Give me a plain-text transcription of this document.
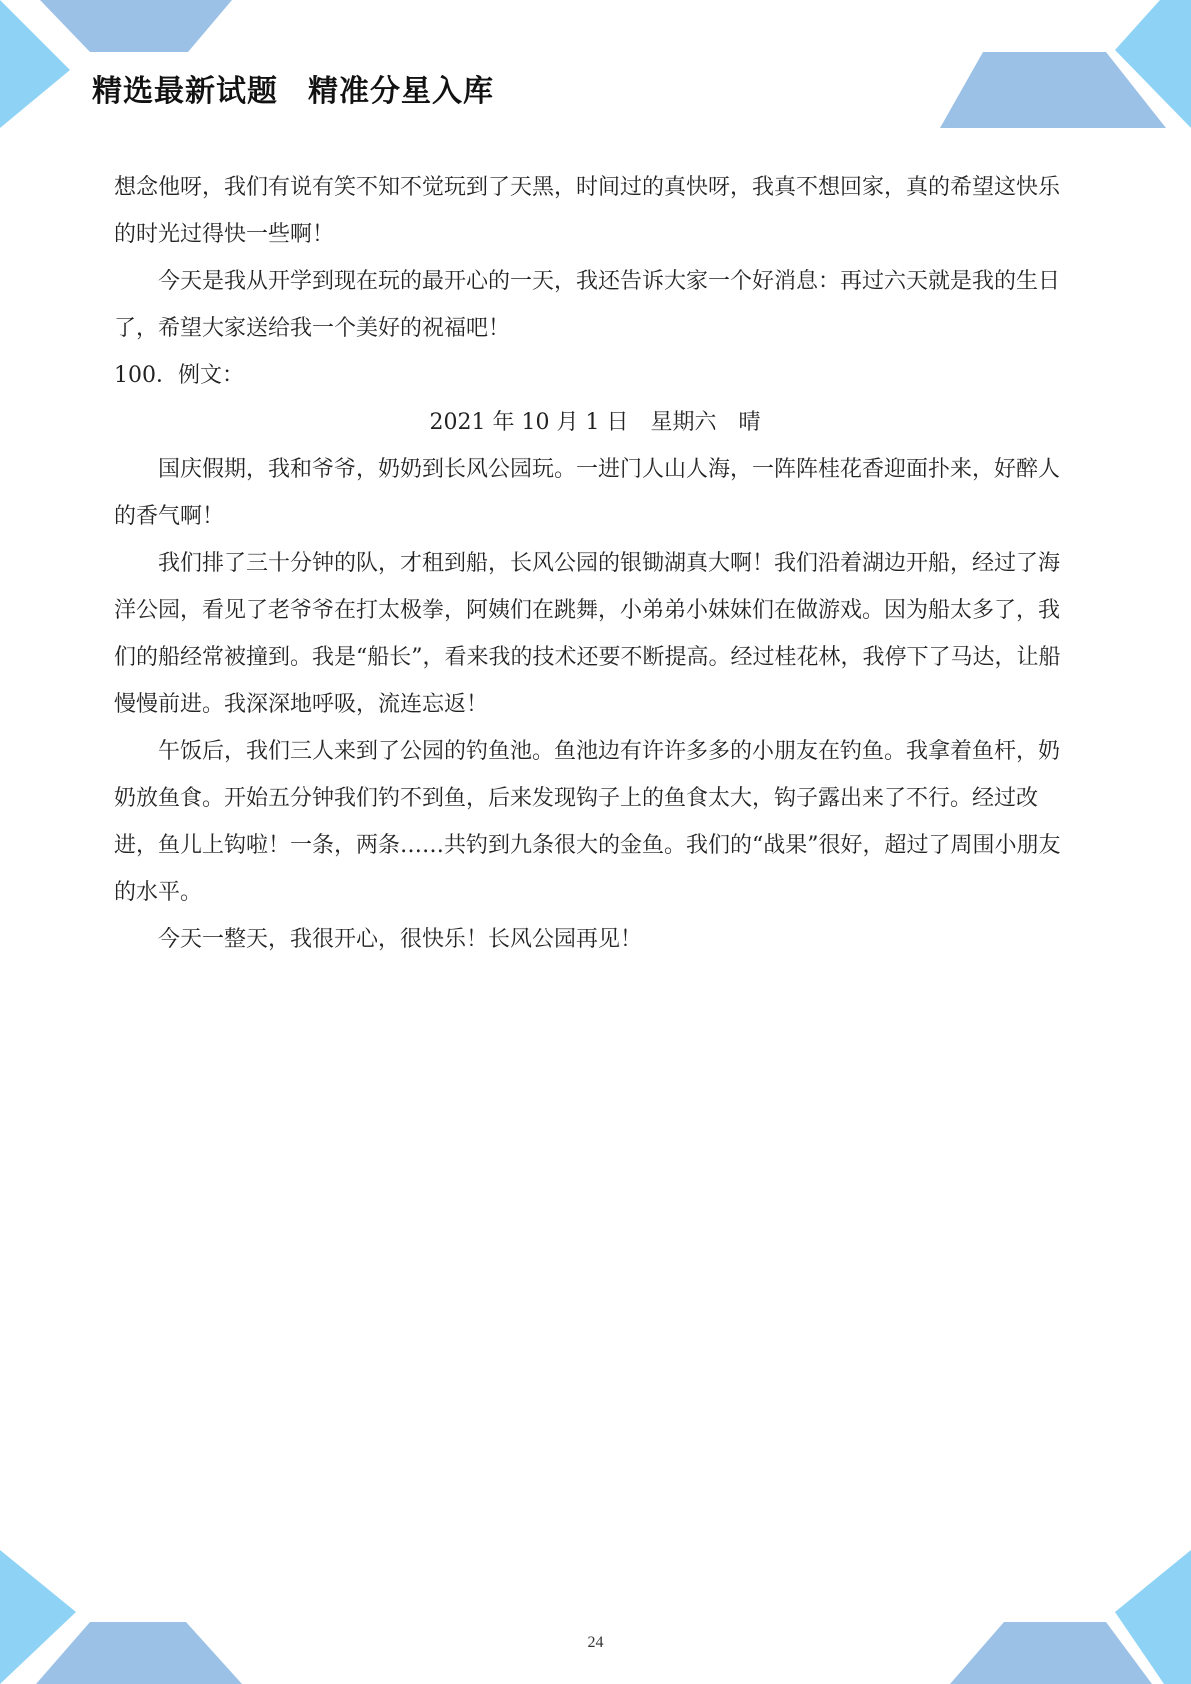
精选最新试题 精准分星入库

想念他呀，我们有说有笑不知不觉玩到了天黑，时间过的真快呀，我真不想回家，真的希望这快乐的时光过得快一些啊！

今天是我从开学到现在玩的最开心的一天，我还告诉大家一个好消息：再过六天就是我的生日了，希望大家送给我一个美好的祝福吧！

100．例文：

2021 年 10 月 1 日　星期六　晴

国庆假期，我和爷爷，奶奶到长风公园玩。一进门人山人海，一阵阵桂花香迎面扑来，好醉人的香气啊！

我们排了三十分钟的队，才租到船，长风公园的银锄湖真大啊！我们沿着湖边开船，经过了海洋公园，看见了老爷爷在打太极拳，阿姨们在跳舞，小弟弟小妹妹们在做游戏。因为船太多了，我们的船经常被撞到。我是“船长”，看来我的技术还要不断提高。经过桂花林，我停下了马达，让船慢慢前进。我深深地呼吸，流连忘返！

午饭后，我们三人来到了公园的钓鱼池。鱼池边有许许多多的小朋友在钓鱼。我拿着鱼杆，奶奶放鱼食。开始五分钟我们钓不到鱼，后来发现钩子上的鱼食太大，钩子露出来了不行。经过改进，鱼儿上钩啦！一条，两条……共钓到九条很大的金鱼。我们的“战果”很好，超过了周围小朋友的水平。

今天一整天，我很开心，很快乐！长风公园再见！

24
